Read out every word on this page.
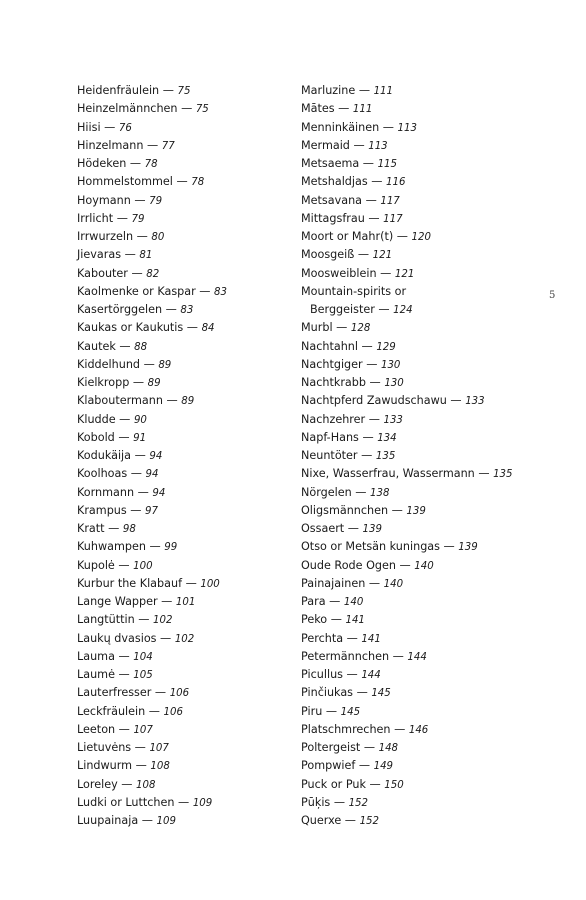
Heidenfräulein — 75
Heinzelmännchen — 75
Hiisi — 76
Hinzelmann — 77
Hödeken — 78
Hommelstommel — 78
Hoymann — 79
Irrlicht — 79
Irrwurzeln — 80
Jievaras — 81
Kabouter — 82
Kaolmenke or Kaspar — 83
Kasertörggelen — 83
Kaukas or Kaukutis — 84
Kautek — 88
Kiddelhund — 89
Kielkropp — 89
Klaboutermann — 89
Kludde — 90
Kobold — 91
Kodukäija — 94
Koolhoas — 94
Kornmann — 94
Krampus — 97
Kratt — 98
Kuhwampen — 99
Kupolė — 100
Kurbur the Klabauf — 100
Lange Wapper — 101
Langtüttin — 102
Laukų dvasios — 102
Lauma — 104
Laumė — 105
Lauterfresser — 106
Leckfräulein — 106
Leeton — 107
Lietuvėns — 107
Lindwurm — 108
Loreley — 108
Ludki or Luttchen — 109
Luupainaja — 109
Marluzine — 111
Mātes — 111
Menninkäinen — 113
Mermaid — 113
Metsaema — 115
Metshaldjas — 116
Metsavana — 117
Mittagsfrau — 117
Moort or Mahr(t) — 120
Moosgeiß — 121
Moosweiblein — 121
Mountain-spirits or
Berggeister — 124
Murbl — 128
Nachtahnl — 129
Nachtgiger — 130
Nachtkrabb — 130
Nachtpferd Zawudschawu — 133
Nachzehrer — 133
Napf-Hans — 134
Neuntöter — 135
Nixe, Wasserfrau, Wassermann — 135
Nörgelen — 138
Oligsmännchen — 139
Ossaert — 139
Otso or Metsän kuningas — 139
Oude Rode Ogen — 140
Painajainen — 140
Para — 140
Peko — 141
Perchta — 141
Petermännchen — 144
Picullus — 144
Pinčiukas — 145
Piru — 145
Platschmrechen — 146
Poltergeist — 148
Pompwief — 149
Puck or Puk — 150
Pūķis — 152
Querxe — 152
5
